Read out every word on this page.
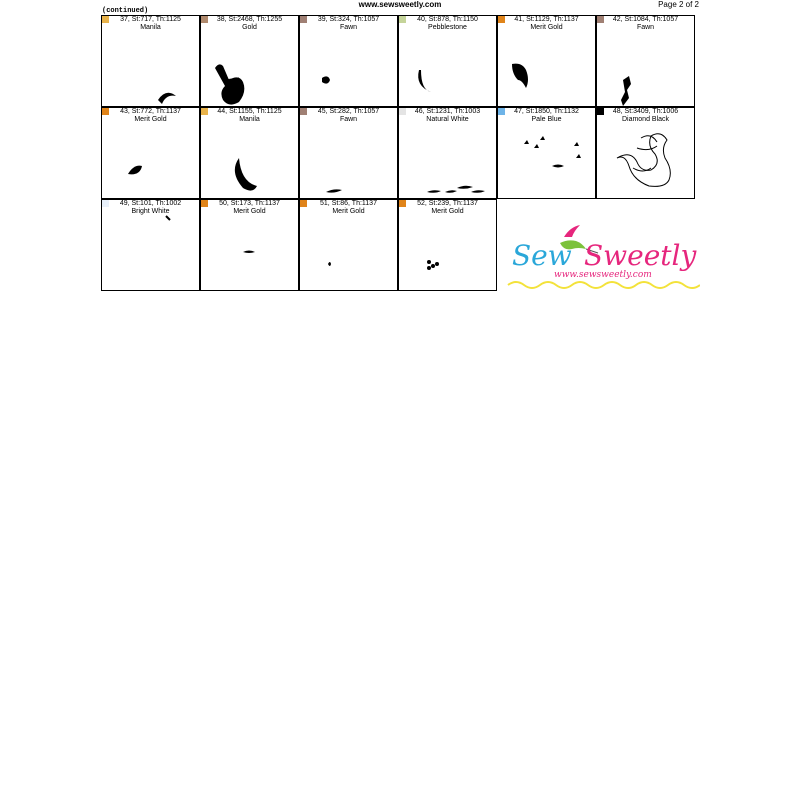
www.sewsweetly.com	Page 2 of 2
(continued)
37, St:717, Th:1125
Manila
38, St:2468, Th:1255
Gold
39, St:324, Th:1057
Fawn
40, St:878, Th:1150
Pebblestone
41, St:1129, Th:1137
Merit Gold
42, St:1084, Th:1057
Fawn
43, St:772, Th:1137
Merit Gold
44, St:1155, Th:1125
Manila
45, St:282, Th:1057
Fawn
46, St:1231, Th:1003
Natural White
47, St:1850, Th:1132
Pale Blue
48, St:3409, Th:1006
Diamond Black
49, St:101, Th:1002
Bright White
50, St:173, Th:1137
Merit Gold
51, St:86, Th:1137
Merit Gold
52, St:239, Th:1137
Merit Gold
Sew Sweetly
www.sewsweetly.com
